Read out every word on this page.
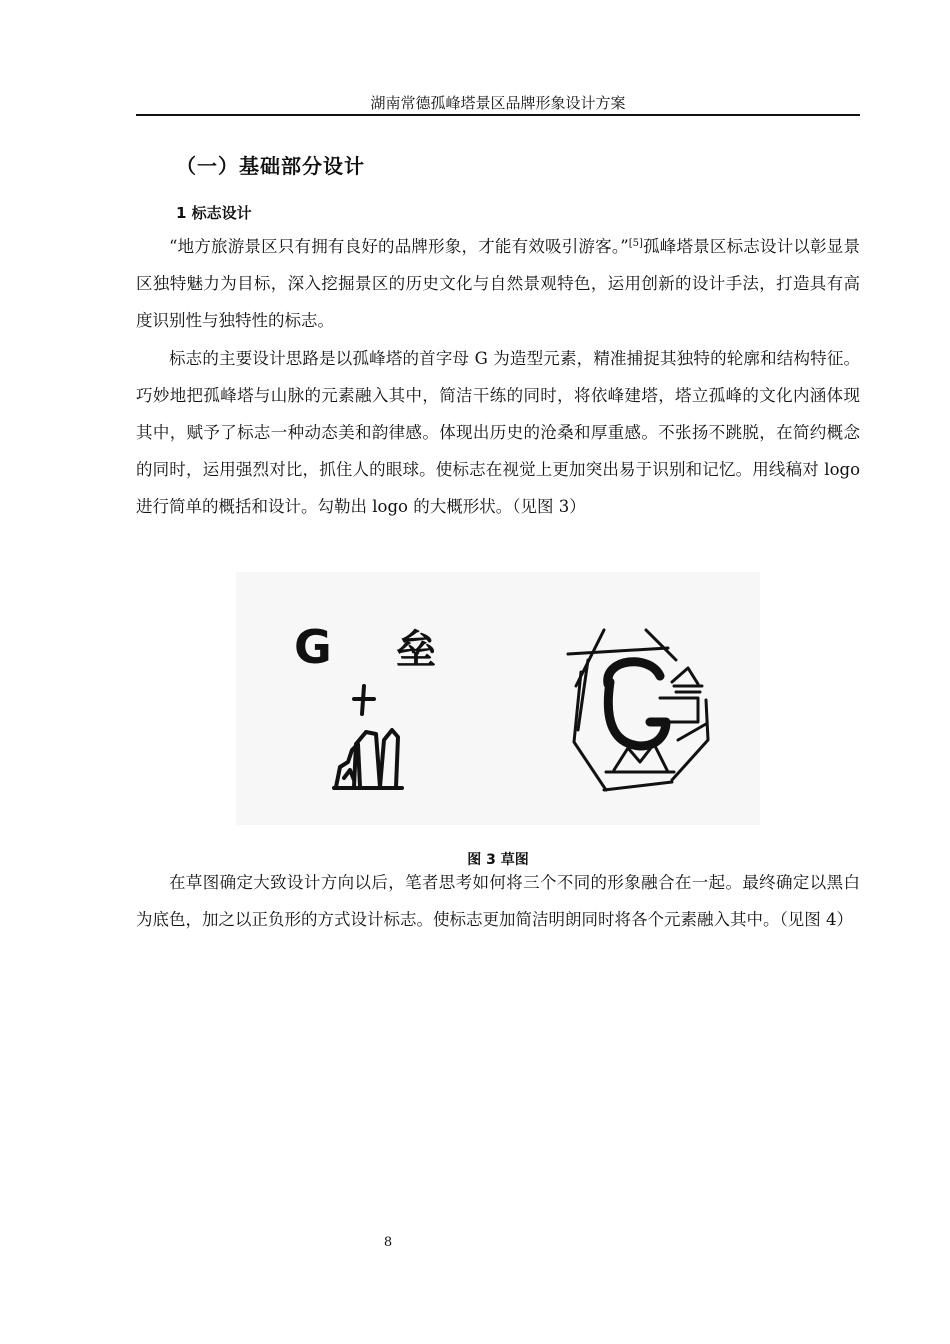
湖南常德孤峰塔景区品牌形象设计方案
（一）基础部分设计
1 标志设计

“地方旅游景区只有拥有良好的品牌形象，才能有效吸引游客。”[5]孤峰塔景区标志设计以彰显景区独特魅力为目标，深入挖掘景区的历史文化与自然景观特色，运用创新的设计手法，打造具有高度识别性与独特性的标志。

标志的主要设计思路是以孤峰塔的首字母 G 为造型元素，精准捕捉其独特的轮廓和结构特征。巧妙地把孤峰塔与山脉的元素融入其中，简洁干练的同时，将依峰建塔，塔立孤峰的文化内涵体现其中，赋予了标志一种动态美和韵律感。体现出历史的沧桑和厚重感。不张扬不跳脱，在简约概念的同时，运用强烈对比，抓住人的眼球。使标志在视觉上更加突出易于识别和记忆。用线稿对 logo 进行简单的概括和设计。勾勒出 logo 的大概形状。（见图 3）

G 垒
图 3 草图

在草图确定大致设计方向以后，笔者思考如何将三个不同的形象融合在一起。最终确定以黑白为底色，加之以正负形的方式设计标志。使标志更加简洁明朗同时将各个元素融入其中。（见图 4）

8
